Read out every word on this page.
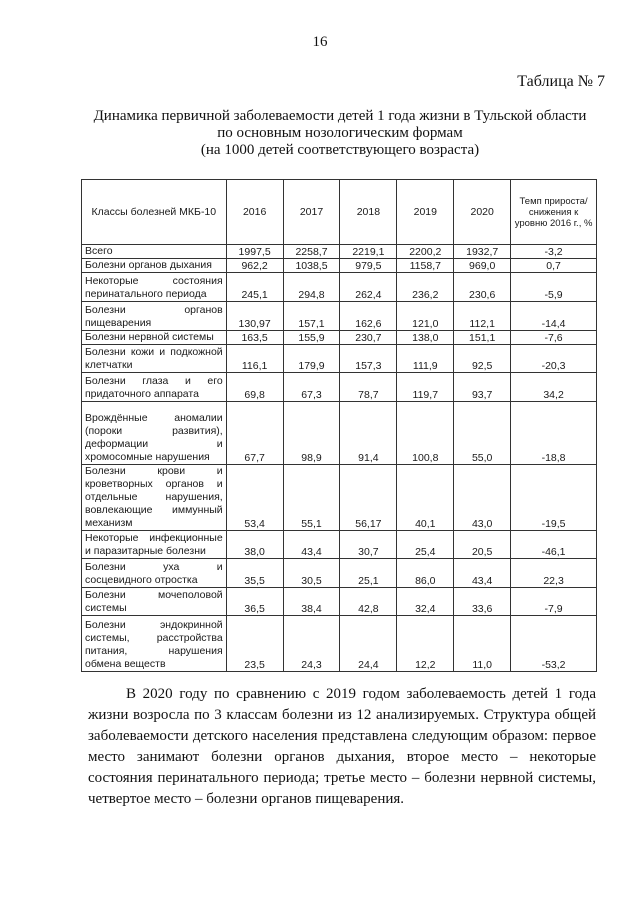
16
Таблица № 7
Динамика первичной заболеваемости детей 1 года жизни в Тульской области
по основным нозологическим формам
(на 1000 детей соответствующего возраста)
Классы болезней МКБ-10	2016	2017	2018	2019	2020	Темп прироста/ снижения к уровню 2016 г., %
Всего	1997,5	2258,7	2219,1	2200,2	1932,7	-3,2
Болезни органов дыхания	962,2	1038,5	979,5	1158,7	969,0	0,7
Некоторые состояния перинатального периода	245,1	294,8	262,4	236,2	230,6	-5,9
Болезни органов пищеварения	130,97	157,1	162,6	121,0	112,1	-14,4
Болезни нервной системы	163,5	155,9	230,7	138,0	151,1	-7,6
Болезни кожи и подкожной клетчатки	116,1	179,9	157,3	111,9	92,5	-20,3
Болезни глаза и его придаточного аппарата	69,8	67,3	78,7	119,7	93,7	34,2
Врождённые аномалии (пороки развития), деформации и хромосомные нарушения	67,7	98,9	91,4	100,8	55,0	-18,8
Болезни крови и кроветворных органов и отдельные нарушения, вовлекающие иммунный механизм	53,4	55,1	56,17	40,1	43,0	-19,5
Некоторые инфекционные и паразитарные болезни	38,0	43,4	30,7	25,4	20,5	-46,1
Болезни уха и сосцевидного отростка	35,5	30,5	25,1	86,0	43,4	22,3
Болезни мочеполовой системы	36,5	38,4	42,8	32,4	33,6	-7,9
Болезни эндокринной системы, расстройства питания, нарушения обмена веществ	23,5	24,3	24,4	12,2	11,0	-53,2
В 2020 году по сравнению с 2019 годом заболеваемость детей 1 года жизни возросла по 3 классам болезни из 12 анализируемых. Структура общей заболеваемости детского населения представлена следующим образом: первое место занимают болезни органов дыхания, второе место – некоторые состояния перинатального периода; третье место – болезни нервной системы, четвертое место – болезни органов пищеварения.
